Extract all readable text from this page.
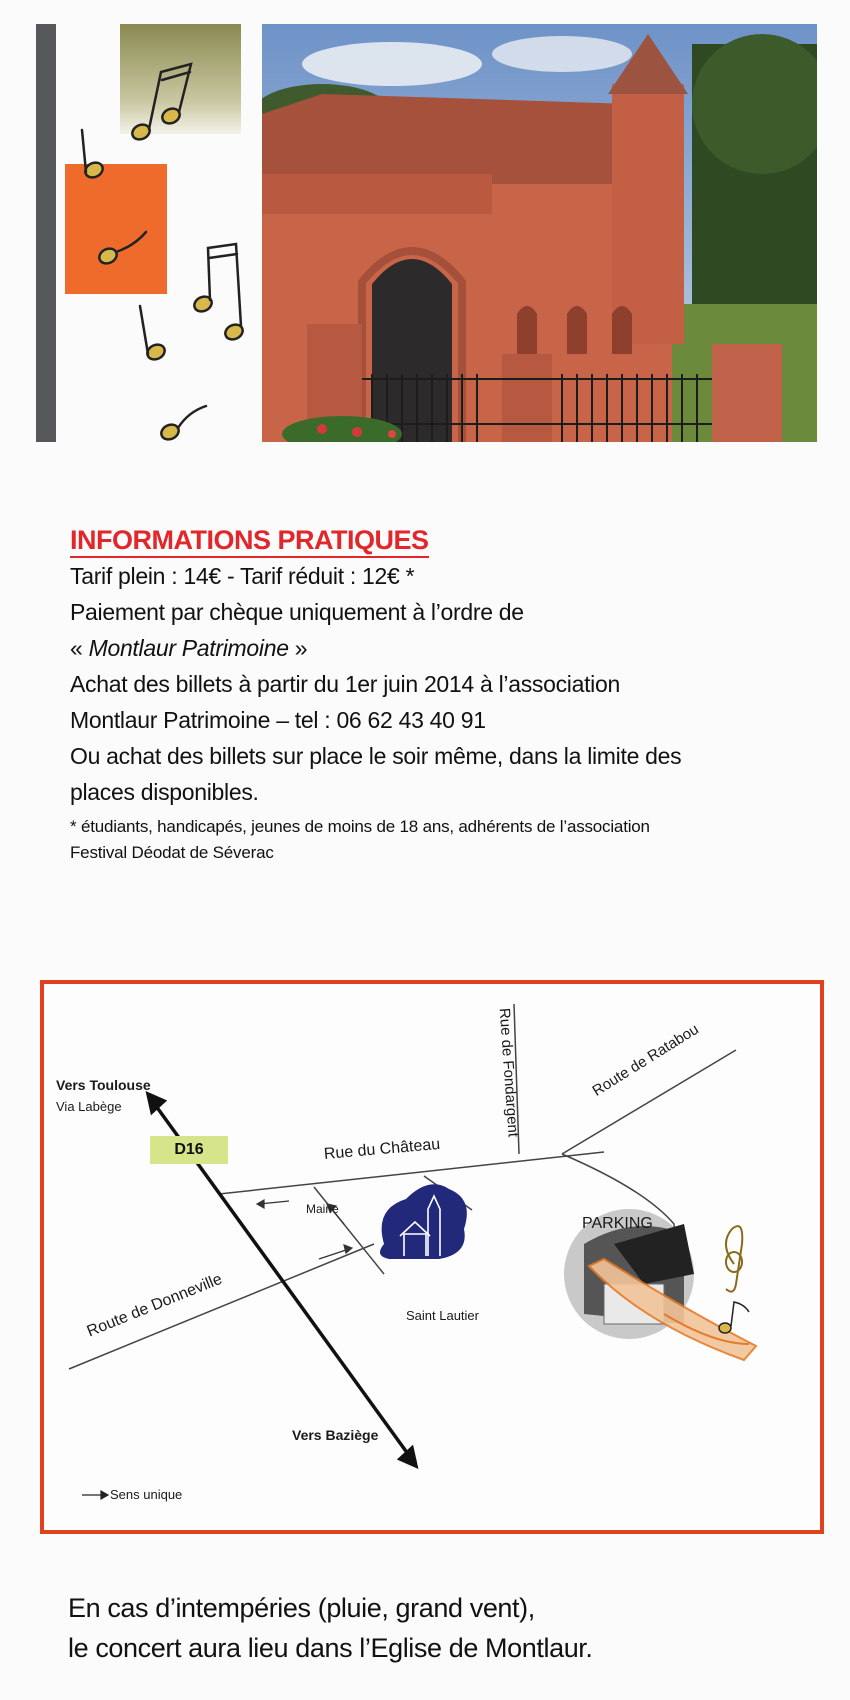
INFORMATIONS PRATIQUES
Tarif plein : 14€ - Tarif réduit : 12€ *
Paiement par chèque uniquement à l’ordre de
« Montlaur Patrimoine »
Achat des billets à partir du 1er juin 2014 à l’association
Montlaur Patrimoine – tel : 06 62 43 40 91
Ou achat des billets sur place le soir même, dans la limite des
places disponibles.
* étudiants, handicapés, jeunes de moins de 18 ans, adhérents de l’association
Festival Déodat de Séverac
Vers Toulouse
Via Labège
D16
Rue de Fondargent	Route de Ratabou
Rue du Château
Mairie
PARKING
Saint Lautier
Route de Donneville
Vers Baziège
Sens unique
En cas d’intempéries (pluie, grand vent),
le concert aura lieu dans l’Eglise de Montlaur.
